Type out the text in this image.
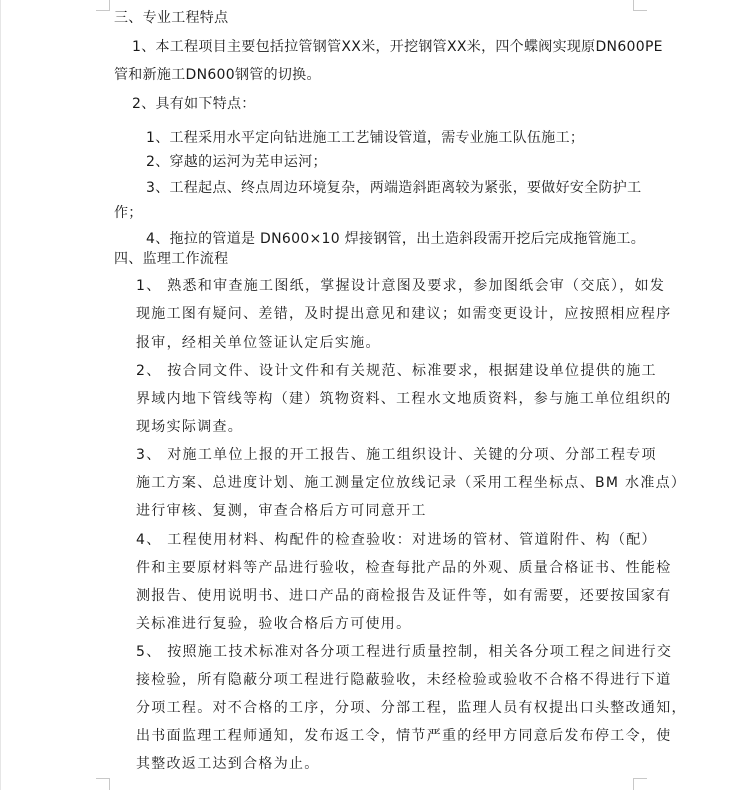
三、专业工程特点

1、本工程项目主要包括拉管钢管XX米，开挖钢管XX米，四个蝶阀实现原DN600PE

管和新施工DN600钢管的切换。

2、具有如下特点：

1、工程采用水平定向钻进施工工艺铺设管道，需专业施工队伍施工；

2、穿越的运河为芜申运河；

3、工程起点、终点周边环境复杂，两端造斜距离较为紧张，要做好安全防护工

作；

4、拖拉的管道是 DN600×10 焊接钢管，出土造斜段需开挖后完成拖管施工。

四、监理工作流程

1、 熟悉和审查施工图纸，掌握设计意图及要求，参加图纸会审（交底），如发

现施工图有疑问、差错，及时提出意见和建议；如需变更设计，应按照相应程序

报审，经相关单位签证认定后实施。

2、 按合同文件、设计文件和有关规范、标准要求，根据建设单位提供的施工

界域内地下管线等构（建）筑物资料、工程水文地质资料，参与施工单位组织的

现场实际调查。

3、 对施工单位上报的开工报告、施工组织设计、关键的分项、分部工程专项

施工方案、总进度计划、施工测量定位放线记录（采用工程坐标点、BM 水准点）

进行审核、复测，审查合格后方可同意开工

4、 工程使用材料、构配件的检查验收：对进场的管材、管道附件、构（配）

件和主要原材料等产品进行验收，检查每批产品的外观、质量合格证书、性能检

测报告、使用说明书、进口产品的商检报告及证件等，如有需要，还要按国家有

关标准进行复验，验收合格后方可使用。

5、 按照施工技术标准对各分项工程进行质量控制，相关各分项工程之间进行交

接检验，所有隐蔽分项工程进行隐蔽验收，未经检验或验收不合格不得进行下道

分项工程。对不合格的工序，分项、分部工程，监理人员有权提出口头整改通知，

出书面监理工程师通知，发布返工令，情节严重的经甲方同意后发布停工令，使

其整改返工达到合格为止。
